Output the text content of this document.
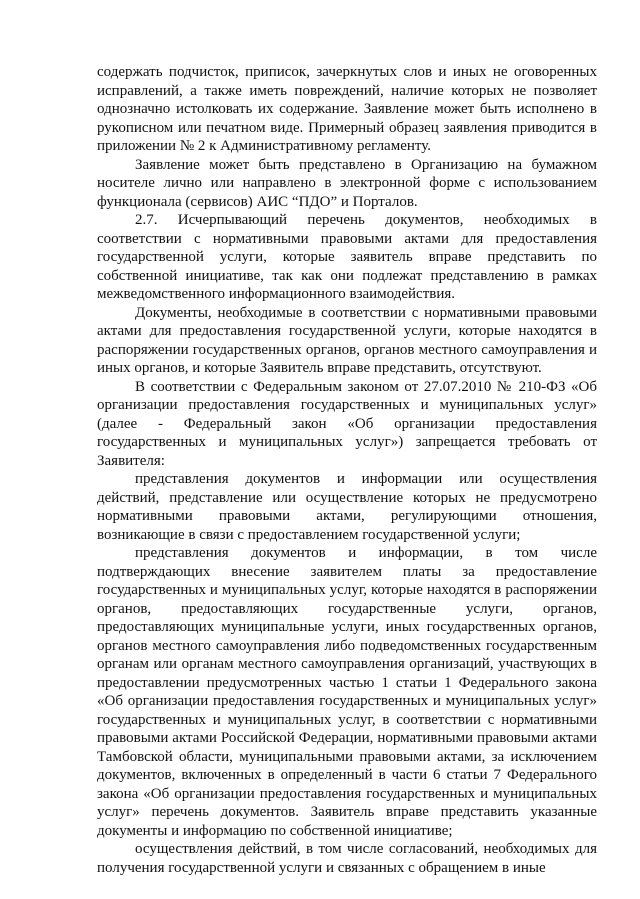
содержать подчисток, приписок, зачеркнутых слов и иных не оговоренных исправлений, а также иметь повреждений, наличие которых не позволяет однозначно истолковать их содержание. Заявление может быть исполнено в рукописном или печатном виде. Примерный образец заявления приводится в приложении № 2 к Административному регламенту.

Заявление может быть представлено в Организацию на бумажном носителе лично или направлено в электронной форме с использованием функционала (сервисов) АИС “ПДО” и Порталов.

2.7. Исчерпывающий перечень документов, необходимых в соответствии с нормативными правовыми актами для предоставления государственной услуги, которые заявитель вправе представить по собственной инициативе, так как они подлежат представлению в рамках межведомственного информационного взаимодействия.

Документы, необходимые в соответствии с нормативными правовыми актами для предоставления государственной услуги, которые находятся в распоряжении государственных органов, органов местного самоуправления и иных органов, и которые Заявитель вправе представить, отсутствуют.

В соответствии с Федеральным законом от 27.07.2010 № 210-ФЗ «Об организации предоставления государственных и муниципальных услуг» (далее - Федеральный закон «Об организации предоставления государственных и муниципальных услуг») запрещается требовать от Заявителя:

представления документов и информации или осуществления действий, представление или осуществление которых не предусмотрено нормативными правовыми актами, регулирующими отношения, возникающие в связи с предоставлением государственной услуги;

представления документов и информации, в том числе подтверждающих внесение заявителем платы за предоставление государственных и муниципальных услуг, которые находятся в распоряжении органов, предоставляющих государственные услуги, органов, предоставляющих муниципальные услуги, иных государственных органов, органов местного самоуправления либо подведомственных государственным органам или органам местного самоуправления организаций, участвующих в предоставлении предусмотренных частью 1 статьи 1 Федерального закона «Об организации предоставления государственных и муниципальных услуг» государственных и муниципальных услуг, в соответствии с нормативными правовыми актами Российской Федерации, нормативными правовыми актами Тамбовской области, муниципальными правовыми актами, за исключением документов, включенных в определенный в части 6 статьи 7 Федерального закона «Об организации предоставления государственных и муниципальных услуг» перечень документов. Заявитель вправе представить указанные документы и информацию по собственной инициативе;

осуществления действий, в том числе согласований, необходимых для получения государственной услуги и связанных с обращением в иные
